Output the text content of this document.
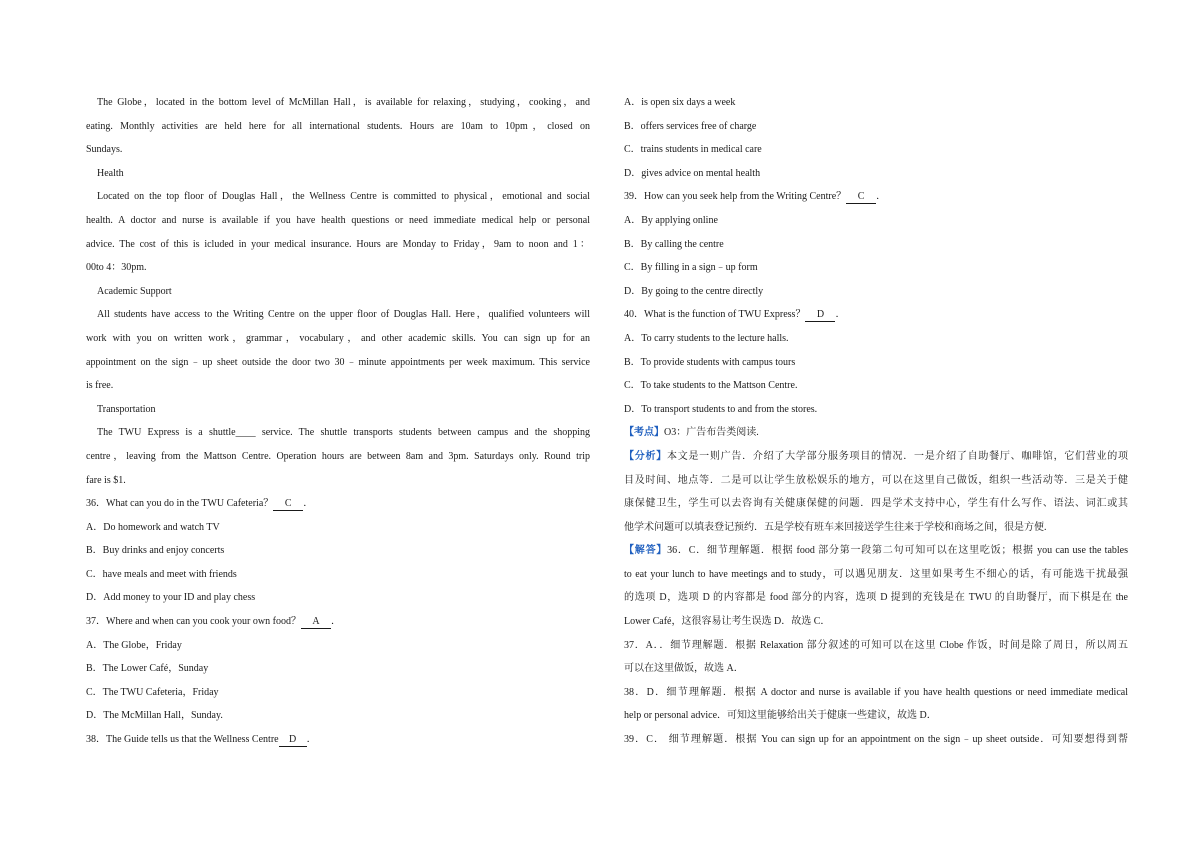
The Globe，located in the bottom level of McMillan Hall，is available for relaxing，studying，cooking，and
eating. Monthly activities are held here for all international students. Hours are 10am to 10pm，closed on
Sundays.
Health
Located on the top floor of Douglas Hall，the Wellness Centre is committed to physical，emotional and social
health. A doctor and nurse is available if you have health questions or need immediate medical help or personal
advice. The cost of this is icluded in your medical insurance. Hours are Monday to Friday，9am to noon and 1：
00to 4：30pm.
Academic Support
All students have access to the Writing Centre on the upper floor of Douglas Hall. Here，qualified volunteers will
work with you on written work，grammar，vocabulary，and other academic skills. You can sign up for an
appointment on the sign﹣up sheet outside the door two 30﹣minute appointments per week maximum. This service
is free.
Transportation
The TWU Express is a shuttle____ service. The shuttle transports students between campus and the shopping
centre，leaving from the Mattson Centre. Operation hours are between 8am and 3pm. Saturdays only. Round trip
fare is $1.
36．What can you do in the TWU Cafeteria？ C ．
A．Do homework and watch TV
B．Buy drinks and enjoy concerts
C．have meals and meet with friends
D．Add money to your ID and play chess
37．Where and when can you cook your own food？ A ．
A．The Globe，Friday
B．The Lower Café，Sunday
C．The TWU Cafeteria，Friday
D．The McMillan Hall，Sunday.
38．The Guide tells us that the Wellness Centre D ．
A．is open six days a week
B．offers services free of charge
C．trains students in medical care
D．gives advice on mental health
39．How can you seek help from the Writing Centre？ C ．
A．By applying online
B．By calling the centre
C．By filling in a sign﹣up form
D．By going to the centre directly
40．What is the function of TWU Express？ D ．
A．To carry students to the lecture halls.
B．To provide students with campus tours
C．To take students to the Mattson Centre.
D．To transport students to and from the stores.
【考点】O3：广告布告类阅读.
【分析】本文是一则广告．介绍了大学部分服务项目的情况．一是介绍了自助餐厅、咖啡馆，它们营业的项
目及时间、地点等．二是可以让学生放松娱乐的地方，可以在这里自己做饭，组织一些活动等．三是关于健
康保健卫生，学生可以去咨询有关健康保健的问题．四是学术支持中心，学生有什么写作、语法、词汇或其
他学术问题可以填表登记预约．五是学校有班车来回接送学生往来于学校和商场之间，很是方便.
【解答】36．C．细节理解题．根据 food 部分第一段第二句可知可以在这里吃饭；根据 you can use the tables
to eat your lunch to have meetings and to study，可以遇见朋友．这里如果考生不细心的话，有可能选干扰最强
的选项 D，选项 D 的内容都是 food 部分的内容，选项 D 提到的充钱是在 TWU 的自助餐厅，而下棋是在 the
Lower Café，这很容易让考生误选 D．故选 C．
37．A．．细节理解题．根据 Relaxation 部分叙述的可知可以在这里 Clobe 作饭，时间是除了周日，所以周五
可以在这里做饭，故选 A．
38．D．细节理解题．根据 A doctor and nurse is available if you have health questions or need immediate medical
help or personal advice．可知这里能够给出关于健康一些建议，故选 D．
39．C． 细节理解题．根据 You can sign up for an appointment on the sign﹣up sheet outside．可知要想得到帮
